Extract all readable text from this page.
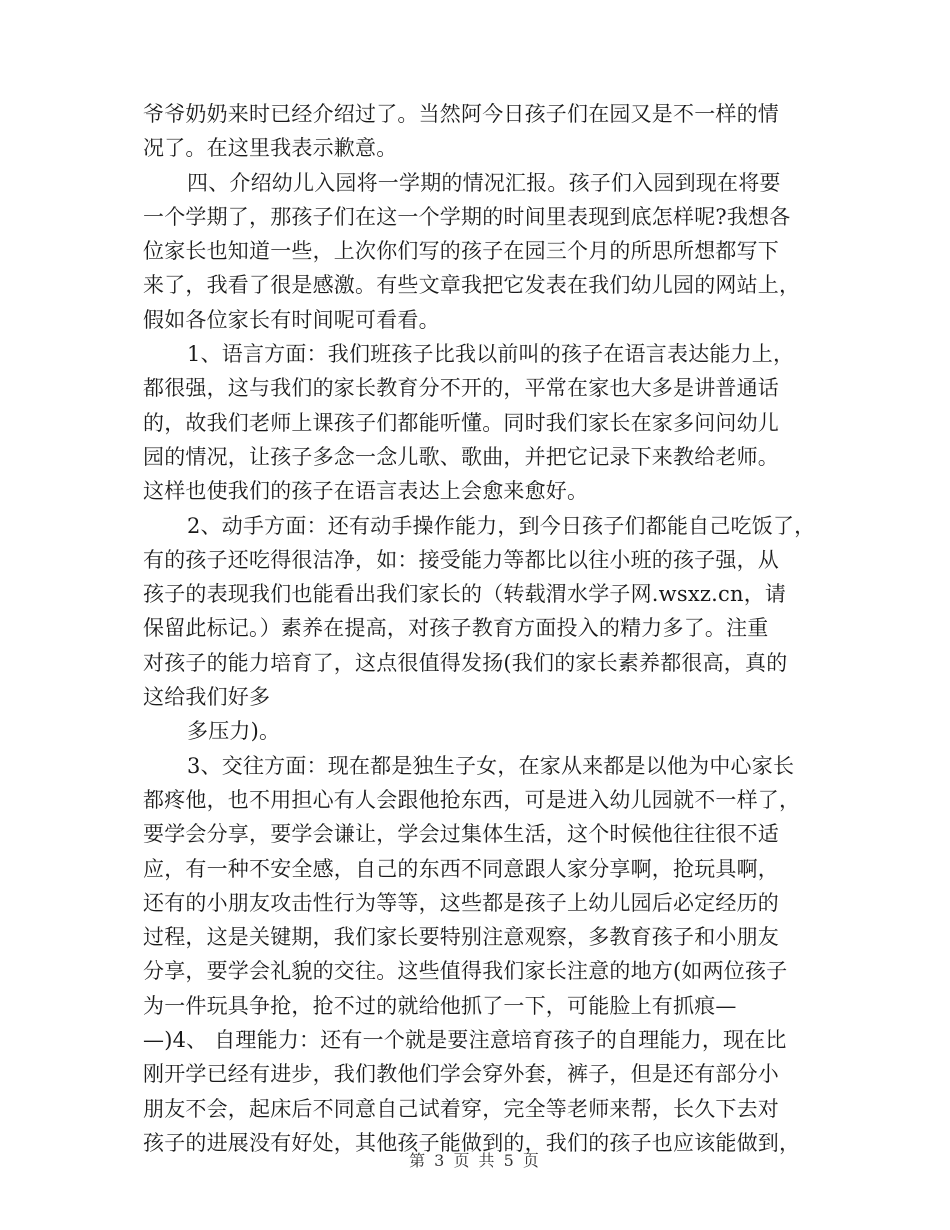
爷爷奶奶来时已经介绍过了。当然阿今日孩子们在园又是不一样的情
况了。在这里我表示歉意。
四、介绍幼儿入园将一学期的情况汇报。孩子们入园到现在将要
一个学期了，那孩子们在这一个学期的时间里表现到底怎样呢?我想各
位家长也知道一些，上次你们写的孩子在园三个月的所思所想都写下
来了，我看了很是感激。有些文章我把它发表在我们幼儿园的网站上，
假如各位家长有时间呢可看看。
1、语言方面：我们班孩子比我以前叫的孩子在语言表达能力上，
都很强，这与我们的家长教育分不开的，平常在家也大多是讲普通话
的，故我们老师上课孩子们都能听懂。同时我们家长在家多问问幼儿
园的情况，让孩子多念一念儿歌、歌曲，并把它记录下来教给老师。
这样也使我们的孩子在语言表达上会愈来愈好。
2、动手方面：还有动手操作能力，到今日孩子们都能自己吃饭了，
有的孩子还吃得很洁净，如：接受能力等都比以往小班的孩子强，从
孩子的表现我们也能看出我们家长的（转载渭水学子网.wsxz.cn，请
保留此标记。）素养在提高，对孩子教育方面投入的精力多了。注重
对孩子的能力培育了，这点很值得发扬(我们的家长素养都很高，真的
这给我们好多
多压力)。
3、交往方面：现在都是独生子女，在家从来都是以他为中心家长
都疼他，也不用担心有人会跟他抢东西，可是进入幼儿园就不一样了，
要学会分享，要学会谦让，学会过集体生活，这个时候他往往很不适
应，有一种不安全感，自己的东西不同意跟人家分享啊，抢玩具啊，
还有的小朋友攻击性行为等等，这些都是孩子上幼儿园后必定经历的
过程，这是关键期，我们家长要特别注意观察，多教育孩子和小朋友
分享，要学会礼貌的交往。这些值得我们家长注意的地方(如两位孩子
为一件玩具争抢，抢不过的就给他抓了一下，可能脸上有抓痕—
—)4、 自理能力：还有一个就是要注意培育孩子的自理能力，现在比
刚开学已经有进步，我们教他们学会穿外套，裤子，但是还有部分小
朋友不会，起床后不同意自己试着穿，完全等老师来帮，长久下去对
孩子的进展没有好处，其他孩子能做到的，我们的孩子也应该能做到，
第 3 页 共 5 页
